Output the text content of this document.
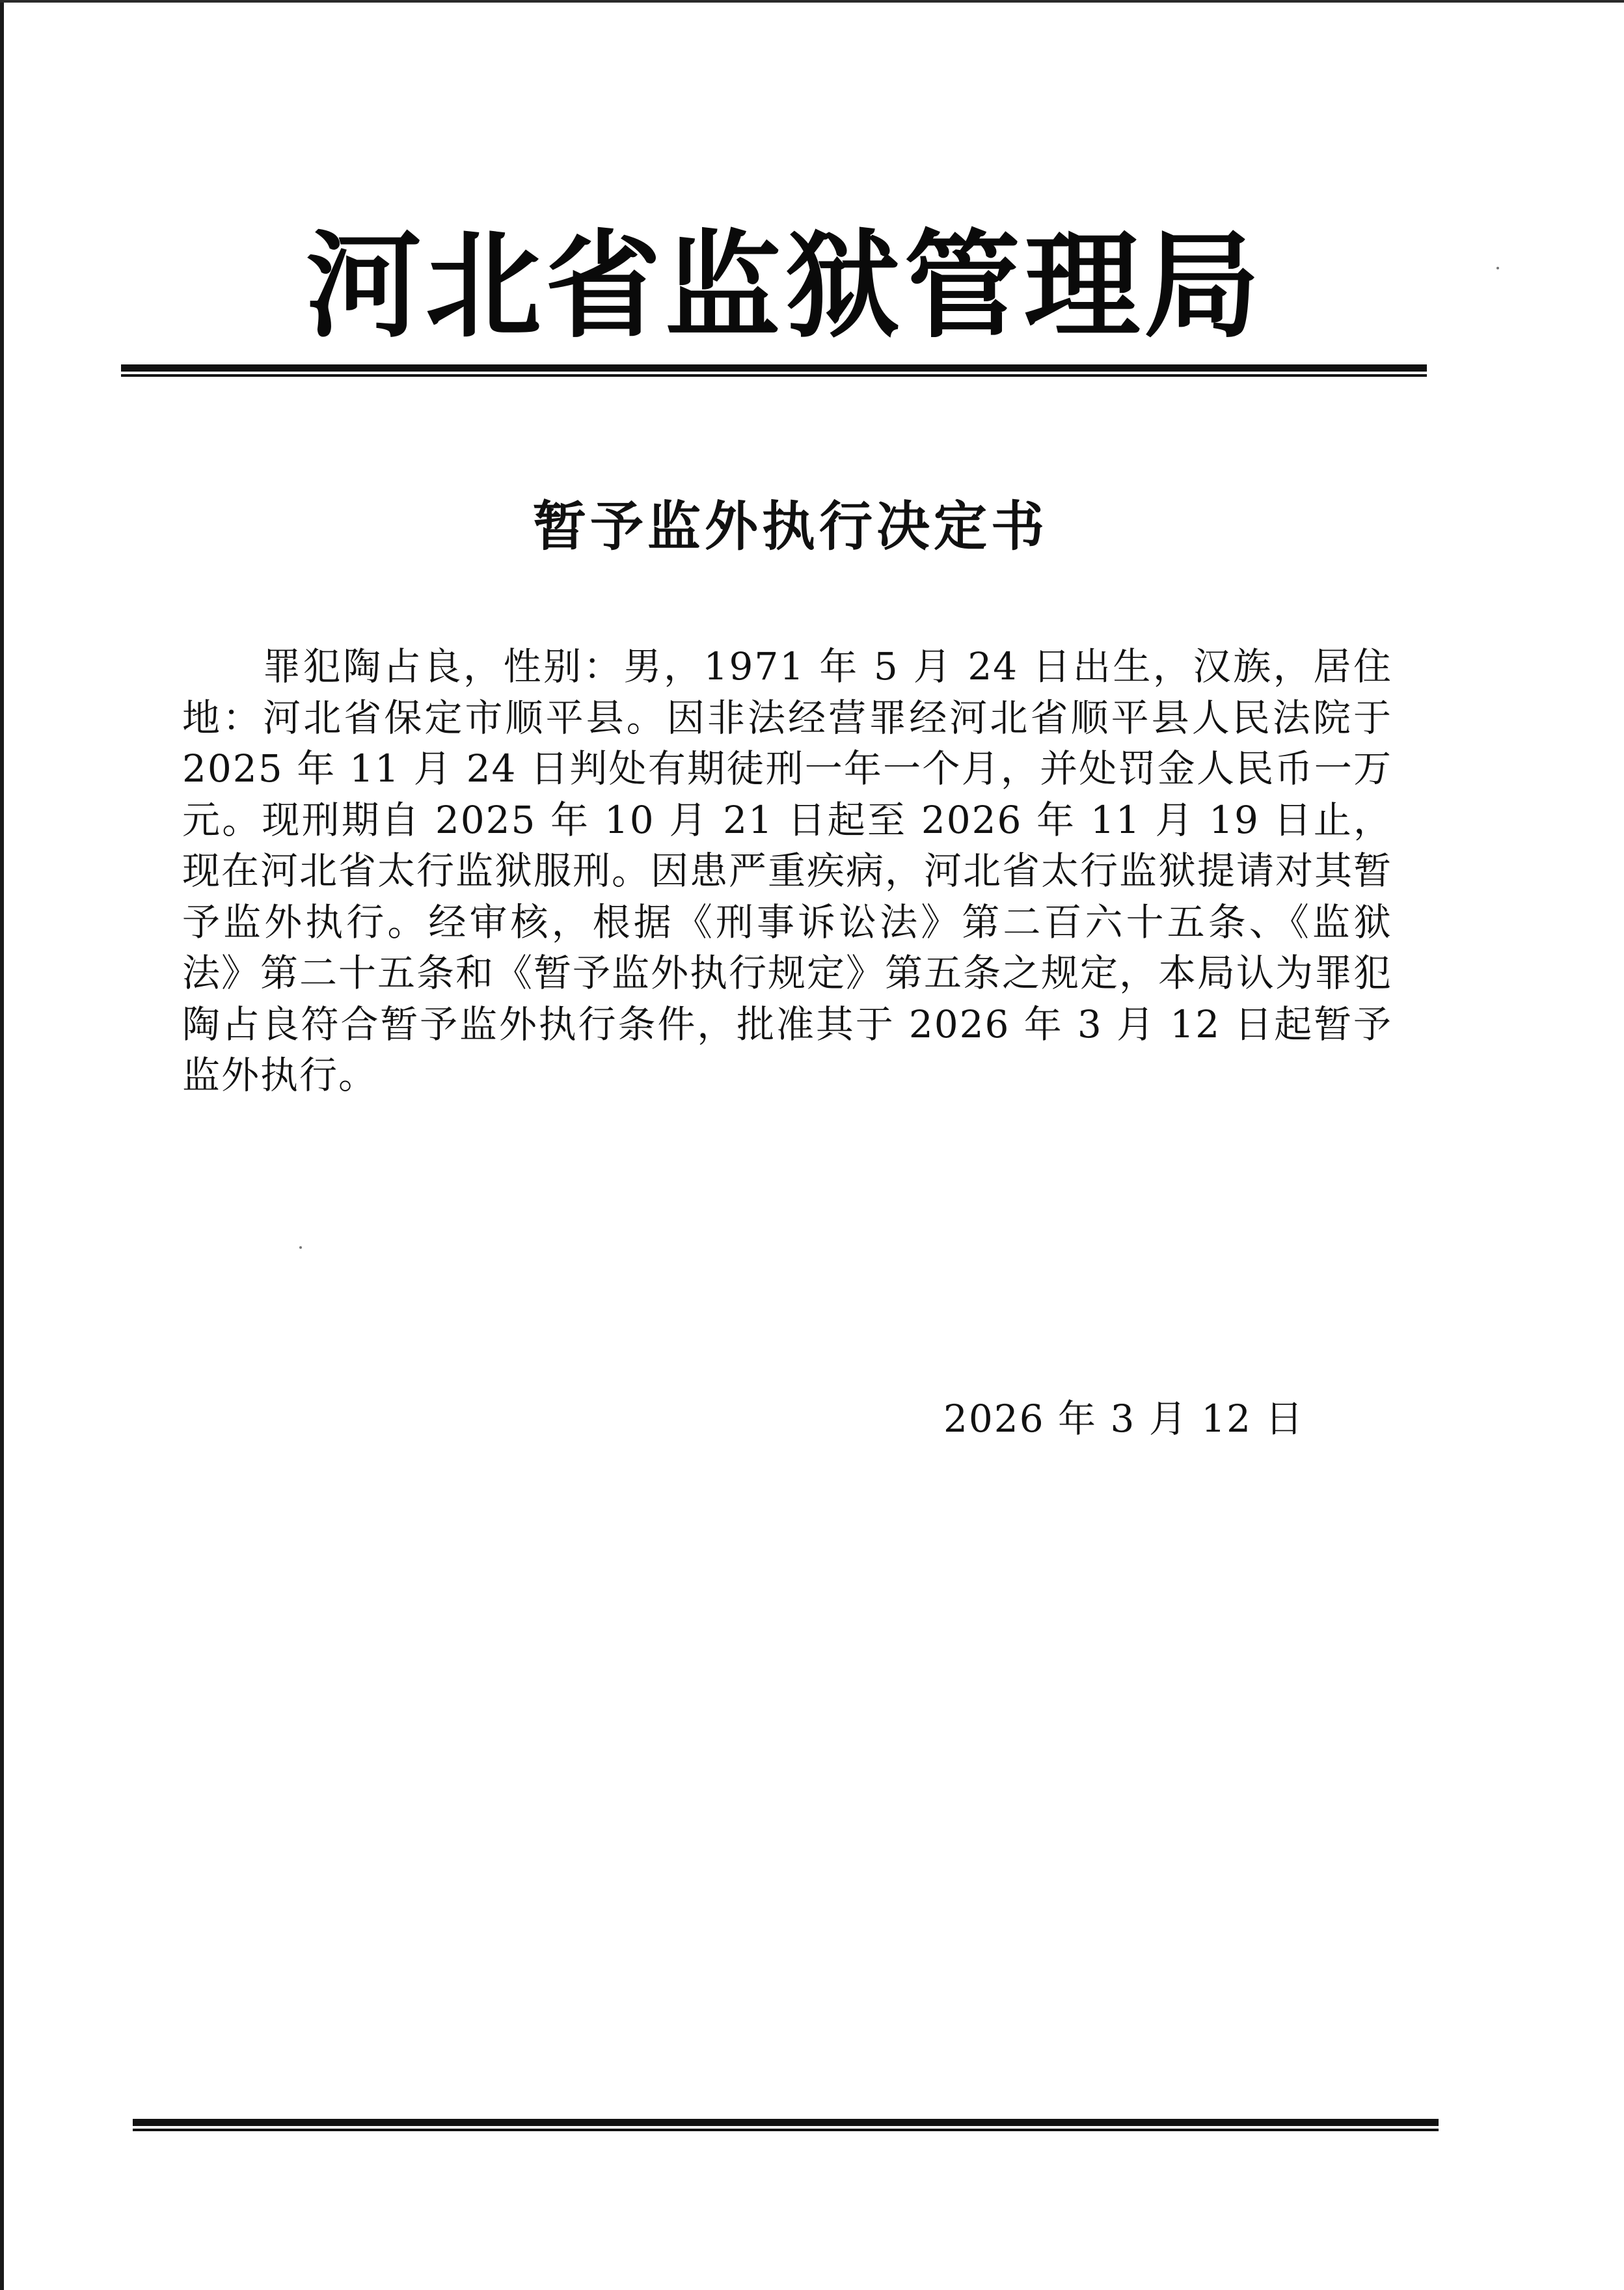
河北省监狱管理局
暂予监外执行决定书

罪犯陶占良，性别：男，1971 年 5 月 24 日出生，汉族，居住地：河北省保定市顺平县。因非法经营罪经河北省顺平县人民法院于 2025 年 11 月 24 日判处有期徒刑一年一个月，并处罚金人民币一万元。现刑期自 2025 年 10 月 21 日起至 2026 年 11 月 19 日止，现在河北省太行监狱服刑。因患严重疾病，河北省太行监狱提请对其暂予监外执行。经审核，根据《刑事诉讼法》第二百六十五条、《监狱法》第二十五条和《暂予监外执行规定》第五条之规定，本局认为罪犯陶占良符合暂予监外执行条件，批准其于 2026 年 3 月 12 日起暂予监外执行。

2026 年 3 月 12 日
